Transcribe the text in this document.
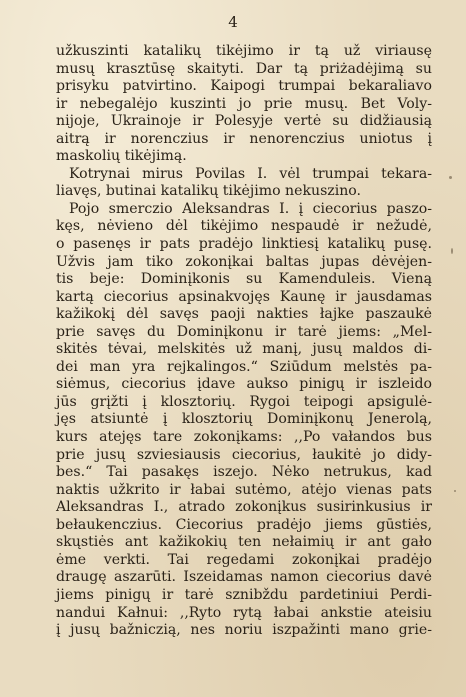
4
užkuszinti katalikų tikėjimo ir tą už viriausę
musų krasztūsę skaityti. Dar tą priżadėjimą su
prisyku patvirtino. Kaipogi trumpai bekaraliavo
ir nebegalėjo kuszinti jo prie musų. Bet Voly-
nijoje, Ukrainoje ir Polesyje vertė su didžiausią
aitrą ir norenczius ir nenorenczius uniotus į
maskolių tikėjimą.
Kotrynai mirus Povilas I. vėl trumpai tekara-
liavęs, butinai katalikų tikėjimo nekuszino.
Pojo smerczio Aleksandras I. į ciecorius paszo-
kęs, nėvieno dėl tikėjimo nespaudė ir nežudė,
o pasenęs ir pats pradėjo linktiesį katalikų pusę.
Užvis jam tiko zokonįkai baltas jupas dėvėjen-
tis beje: Dominįkonis su Kamenduleis. Vieną
kartą ciecorius apsinakvojęs Kaunę ir jausdamas
kažikokį dėl savęs paoji nakties łajke paszaukė
prie savęs du Dominįkonu ir tarė jiems: „Mel-
skitės tėvai, melskitės už manį, jusų maldos di-
dei man yra rejkalingos.“ Sziūdum melstės pa-
siėmus, ciecorius įdave aukso pinigų ir iszleido
jūs grįžti į klosztorių. Rygoi teipogi apsigulė-
jęs atsiuntė į klosztorių Dominįkonų Jenerolą,
kurs atejęs tare zokonįkams: ,,Po vałandos bus
prie jusų szviesiausis ciecorius, łaukitė jo didy-
bes.“ Tai pasakęs iszejo. Nėko netrukus, kad
naktis užkrito ir łabai sutėmo, atėjo vienas pats
Aleksandras I., atrado zokonįkus susirinkusius ir
bełaukenczius. Ciecorius pradėjo jiems gūstiės,
skųstiės ant kažikokių ten nełaimių ir ant gało
ėme verkti. Tai regedami zokonįkai pradėjo
draugę aszarūti. Iszeidamas namon ciecorius davė
jiems pinigų ir tarė sznibždu pardetiniui Perdi-
nandui Kałnui: ,,Ryto rytą łabai ankstie ateisiu
į jusų bažniczią, nes noriu iszpažinti mano grie-
